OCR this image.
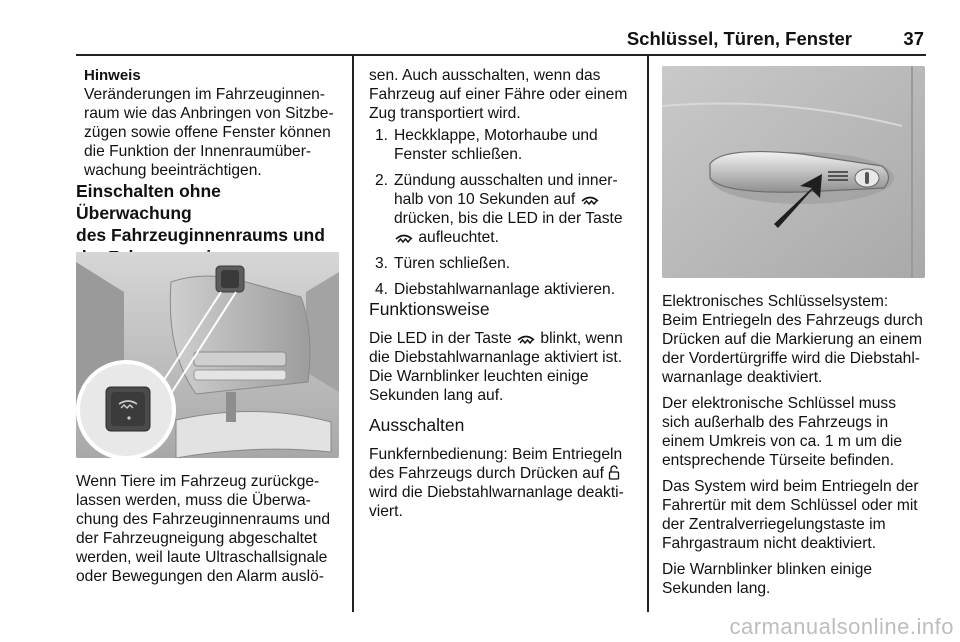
Schlüssel, Türen, Fenster	37

Hinweis

Veränderungen im Fahrzeuginnen-

raum wie das Anbringen von Sitzbe-

zügen sowie offene Fenster können

die Funktion der Innenraumüber-

wachung beeinträchtigen.

Einschalten ohne Überwachung

des Fahrzeuginnenraums und

Wenn Tiere im Fahrzeug zurückge-

lassen werden, muss die Überwa-

chung des Fahrzeuginnenraums und

der Fahrzeugneigung abgeschaltet

werden, weil laute Ultraschallsignale

oder Bewegungen den Alarm auslö-

sen. Auch ausschalten, wenn das

Fahrzeug auf einer Fähre oder einem

Zug transportiert wird.

1. Heckklappe, Motorhaube und

Fenster schließen.

2. Zündung ausschalten und inner-

halb von 10 Sekunden auf

drücken, bis die LED in der Taste

aufleuchtet.

3. Türen schließen.

4. Diebstahlwarnanlage aktivieren.

Funktionsweise

Die LED in der Taste blinkt, wenn

die Diebstahlwarnanlage aktiviert ist.

Die Warnblinker leuchten einige

Sekunden lang auf.

Ausschalten

Funkfernbedienung: Beim Entriegeln

des Fahrzeugs durch Drücken auf

wird die Diebstahlwarnanlage deakti-

viert.

Elektronisches Schlüsselsystem:

Beim Entriegeln des Fahrzeugs durch

Drücken auf die Markierung an einem

der Vordertürgriffe wird die Diebstahl-

warnanlage deaktiviert.

Der elektronische Schlüssel muss

sich außerhalb des Fahrzeugs in

einem Umkreis von ca. 1 m um die

entsprechende Türseite befinden.

Das System wird beim Entriegeln der

Fahrertür mit dem Schlüssel oder mit

der Zentralverriegelungstaste im

Fahrgastraum nicht deaktiviert.

Die Warnblinker blinken einige

Sekunden lang.

carmanualsonline.info
